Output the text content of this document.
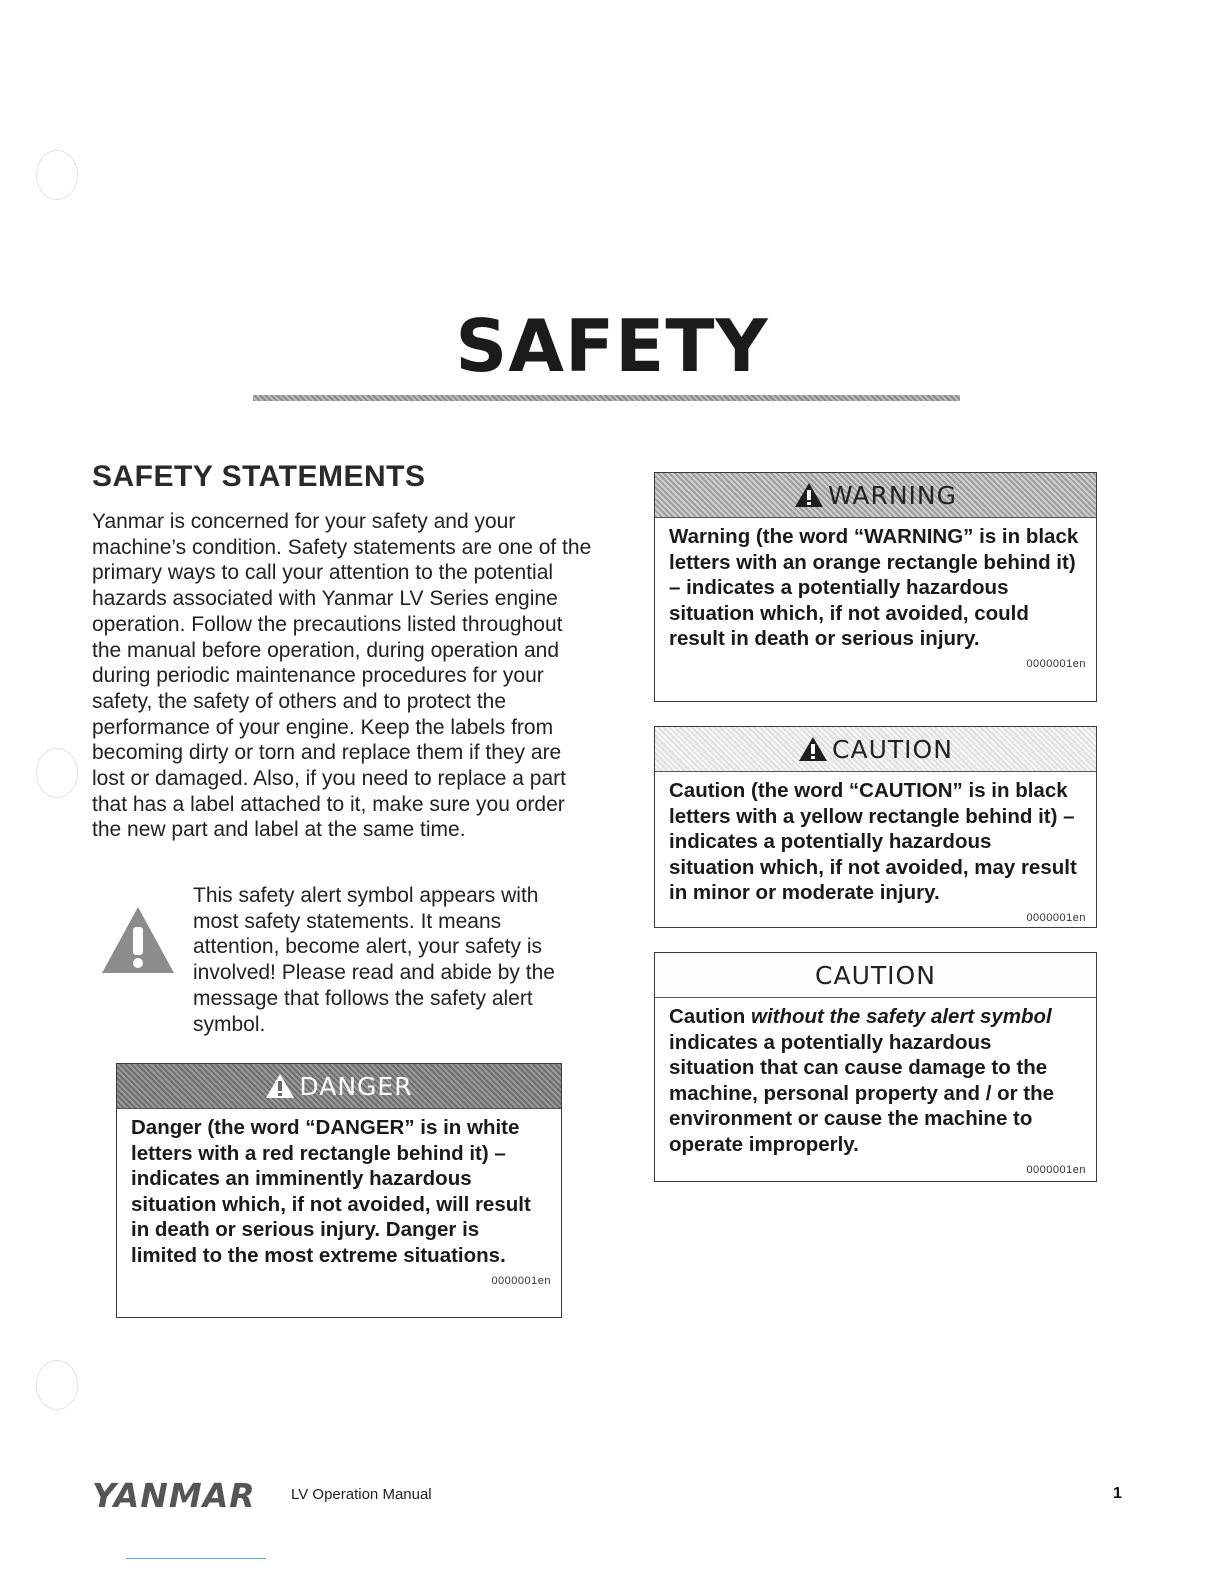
SAFETY
SAFETY STATEMENTS

Yanmar is concerned for your safety and your machine’s condition. Safety statements are one of the primary ways to call your attention to the potential hazards associated with Yanmar LV Series engine operation. Follow the precautions listed throughout the manual before operation, during operation and during periodic maintenance procedures for your safety, the safety of others and to protect the performance of your engine. Keep the labels from becoming dirty or torn and replace them if they are lost or damaged. Also, if you need to replace a part that has a label attached to it, make sure you order the new part and label at the same time.

This safety alert symbol appears with most safety statements. It means attention, become alert, your safety is involved! Please read and abide by the message that follows the safety alert symbol.

DANGER
Danger (the word “DANGER” is in white letters with a red rectangle behind it) – indicates an imminently hazardous situation which, if not avoided, will result in death or serious injury. Danger is limited to the most extreme situations.
0000001en
WARNING
Warning (the word “WARNING” is in black letters with an orange rectangle behind it) – indicates a potentially hazardous situation which, if not avoided, could result in death or serious injury.
0000001en
CAUTION
Caution (the word “CAUTION” is in black letters with a yellow rectangle behind it) – indicates a potentially hazardous situation which, if not avoided, may result in minor or moderate injury.
0000001en
CAUTION
Caution without the safety alert symbol indicates a potentially hazardous situation that can cause damage to the machine, personal property and / or the environment or cause the machine to operate improperly.
0000001en
YANMAR LV Operation Manual	1
